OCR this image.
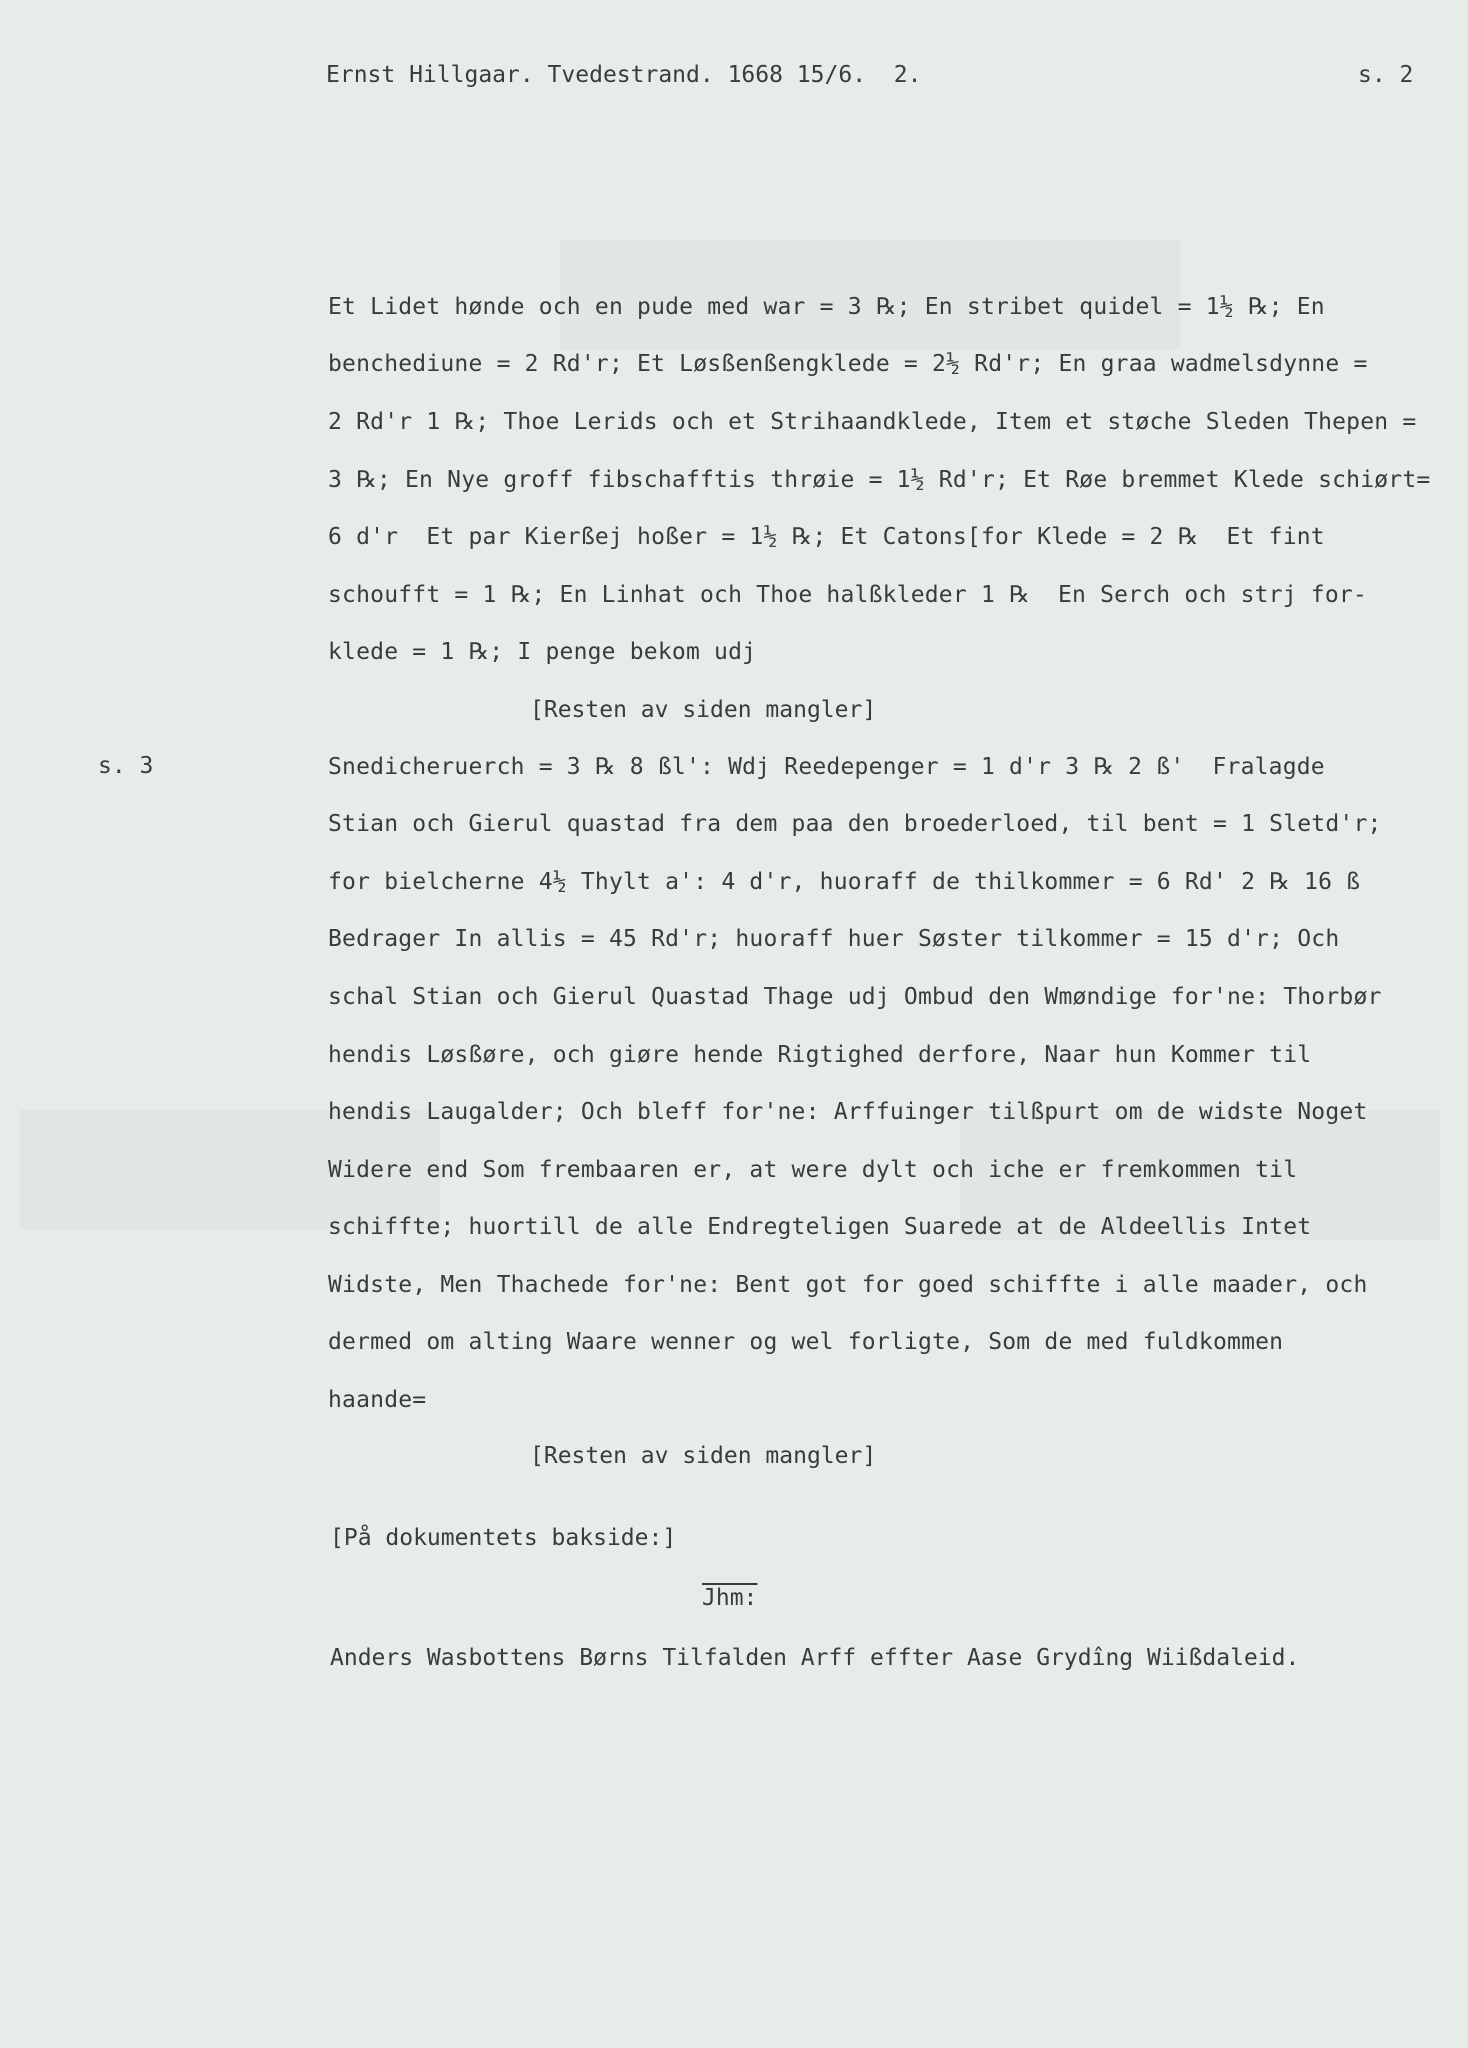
Ernst Hillgaar. Tvedestrand. 1668 15/6.  2.	s. 2
Et Lidet hønde och en pude med war = 3 ℞; En stribet quidel = 1½ ℞; En
benchediune = 2 Rd'r; Et Løsßenßengklede = 2½ Rd'r; En graa wadmelsdynne =
2 Rd'r 1 ℞; Thoe Lerids och et Strihaandklede, Item et støche Sleden Thepen =
3 ℞; En Nye groff fibschafftis thrøie = 1½ Rd'r; Et Røe bremmet Klede schiørt=
6 d'r  Et par Kierßej hoßer = 1½ ℞; Et Catons[for Klede = 2 ℞  Et fint
schoufft = 1 ℞; En Linhat och Thoe halßkleder 1 ℞  En Serch och strj for-
klede = 1 ℞; I penge bekom udj
[Resten av siden mangler]
s. 3	Snedicheruerch = 3 ℞ 8 ßl': Wdj Reedepenger = 1 d'r 3 ℞ 2 ß'  Fralagde
Stian och Gierul quastad fra dem paa den broederloed, til bent = 1 Sletd'r;
for bielcherne 4½ Thylt a': 4 d'r, huoraff de thilkommer = 6 Rd' 2 ℞ 16 ß
Bedrager In allis = 45 Rd'r; huoraff huer Søster tilkommer = 15 d'r; Och
schal Stian och Gierul Quastad Thage udj Ombud den Wmøndige for'ne: Thorbør
hendis Løsßøre, och giøre hende Rigtighed derfore, Naar hun Kommer til
hendis Laugalder; Och bleff for'ne: Arffuinger tilßpurt om de widste Noget
Widere end Som frembaaren er, at were dylt och iche er fremkommen til
schiffte; huortill de alle Endregteligen Suarede at de Aldeellis Intet
Widste, Men Thachede for'ne: Bent got for goed schiffte i alle maader, och
dermed om alting Waare wenner og wel forligte, Som de med fuldkommen
haande=
[Resten av siden mangler]
[På dokumentets bakside:]
Jhm:
Anders Wasbottens Børns Tilfalden Arff effter Aase Grydîng Wiißdaleid.
